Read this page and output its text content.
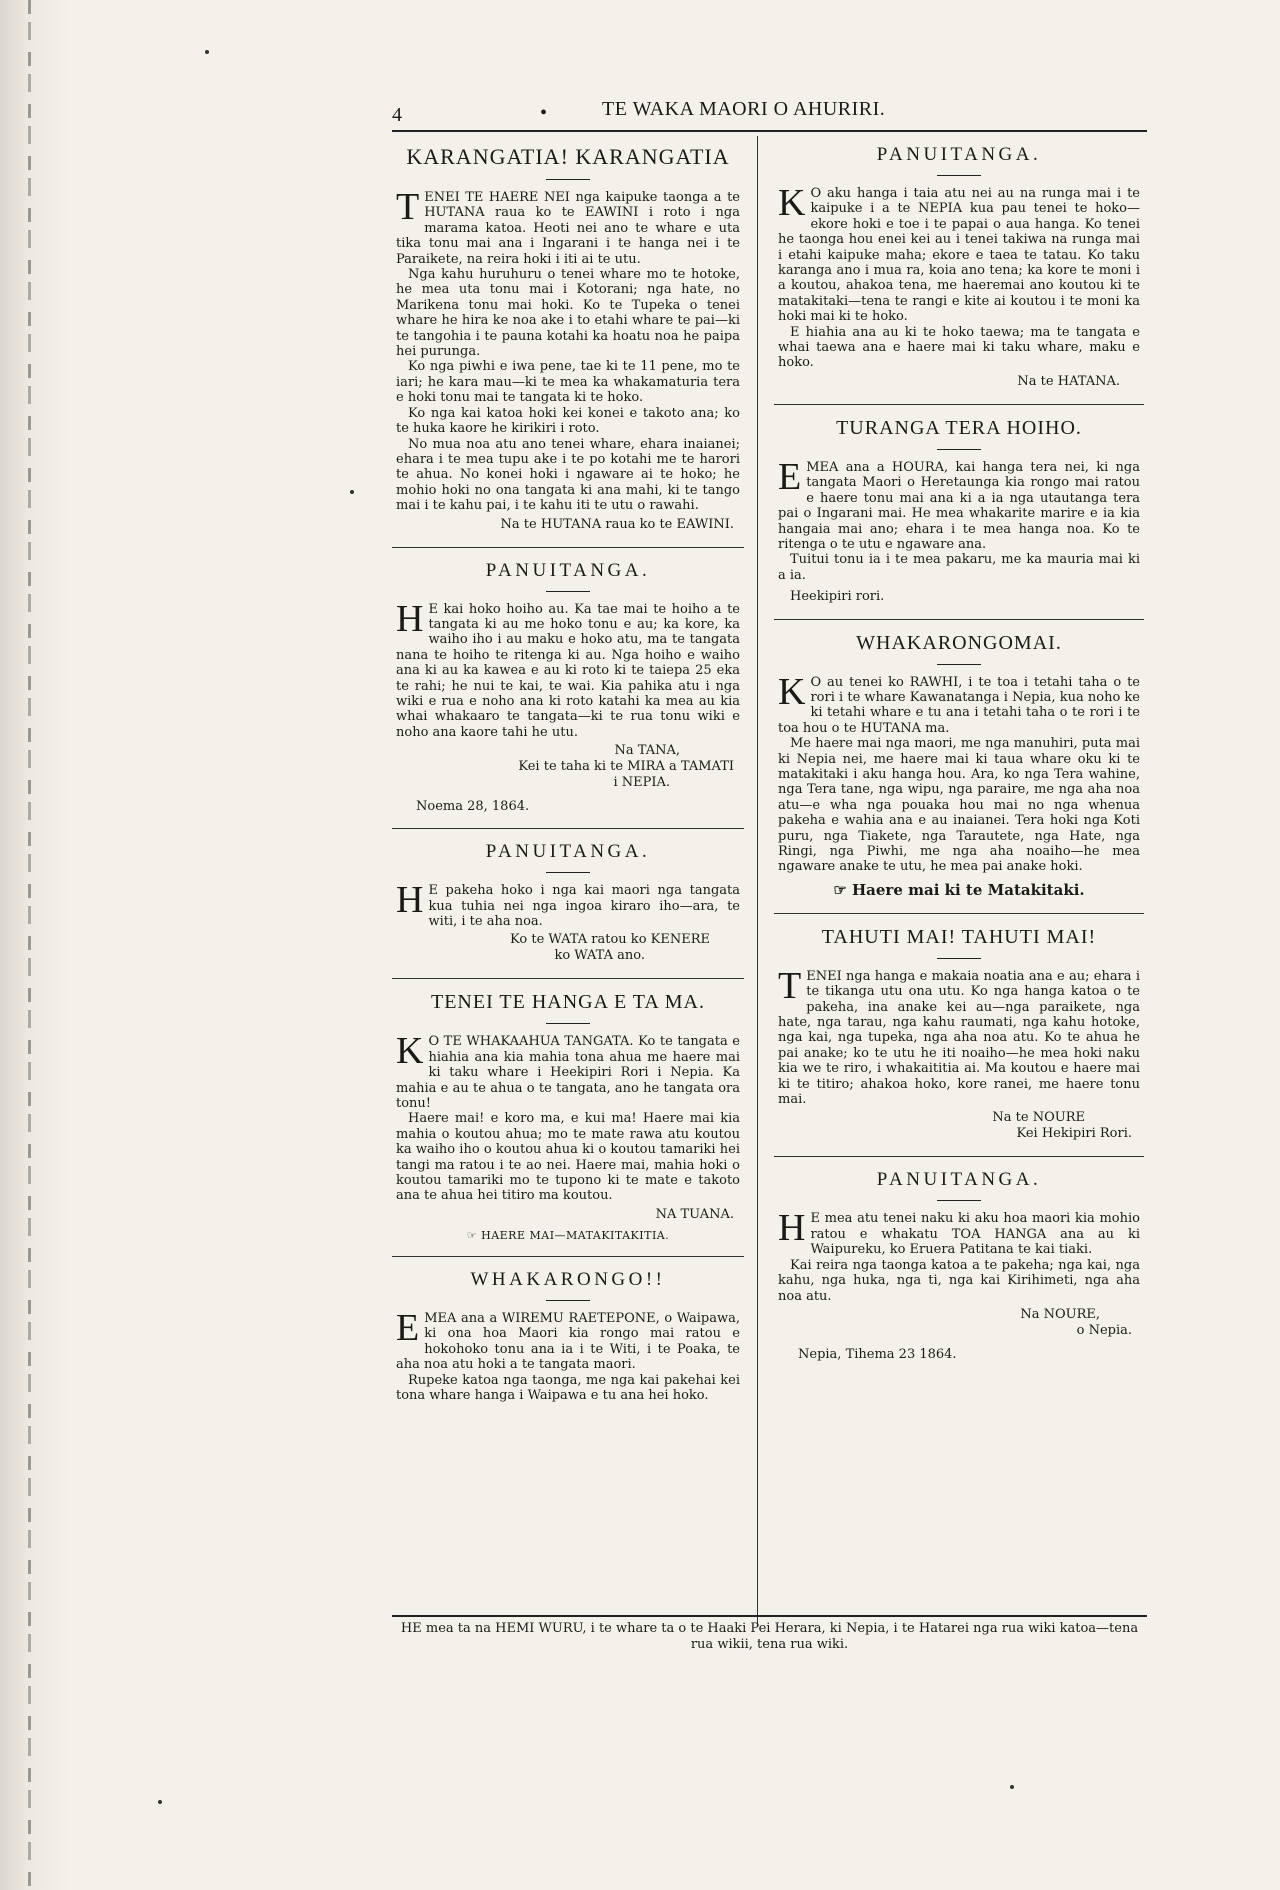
4	•	TE WAKA MAORI O AHURIRI.
KARANGATIA! KARANGATIA

TENEI TE HAERE NEI nga kaipuke taonga a te HUTANA raua ko te EAWINI i roto i nga marama katoa. Heoti nei ano te whare e uta tika tonu mai ana i Ingarani i te hanga nei i te Paraikete, na reira hoki i iti ai te utu.

Nga kahu huruhuru o tenei whare mo te hotoke, he mea uta tonu mai i Kotorani; nga hate, no Marikena tonu mai hoki. Ko te Tupeka o tenei whare he hira ke noa ake i to etahi whare te pai—ki te tangohia i te pauna kotahi ka hoatu noa he paipa hei purunga.

Ko nga piwhi e iwa pene, tae ki te 11 pene, mo te iari; he kara mau—ki te mea ka whakamaturia tera e hoki tonu mai te tangata ki te hoko.

Ko nga kai katoa hoki kei konei e takoto ana; ko te huka kaore he kirikiri i roto.

No mua noa atu ano tenei whare, ehara inaianei; ehara i te mea tupu ake i te po kotahi me te harori te ahua. No konei hoki i ngaware ai te hoko; he mohio hoki no ona tangata ki ana mahi, ki te tango mai i te kahu pai, i te kahu iti te utu o rawahi.

Na te HUTANA raua ko te EAWINI.
PANUITANGA.

H E kai hoko hoiho au. Ka tae mai te hoiho a te tangata ki au me hoko tonu e au; ka kore, ka waiho iho i au maku e hoko atu, ma te tangata nana te hoiho te ritenga ki au. Nga hoiho e waiho ana ki au ka kawea e au ki roto ki te taiepa 25 eka te rahi; he nui te kai, te wai. Kia pahika atu i nga wiki e rua e noho ana ki roto katahi ka mea au kia whai whakaaro te tangata—ki te rua tonu wiki e noho ana kaore tahi he utu.

Na TANA,
Kei te taha ki te MIRA a TAMATI
i NEPIA.
Noema 28, 1864.
PANUITANGA.

H E pakeha hoko i nga kai maori nga tangata kua tuhia nei nga ingoa kiraro iho—ara, te witi, i te aha noa.

Ko te WATA ratou ko KENERE
ko WATA ano.
TENEI TE HANGA E TA MA.

K O TE WHAKAAHUA TANGATA. Ko te tangata e hiahia ana kia mahia tona ahua me haere mai ki taku whare i Heekipiri Rori i Nepia. Ka mahia e au te ahua o te tangata, ano he tangata ora tonu!

Haere mai! e koro ma, e kui ma! Haere mai kia mahia o koutou ahua; mo te mate rawa atu koutou ka waiho iho o koutou ahua ki o koutou tamariki hei tangi ma ratou i te ao nei. Haere mai, mahia hoki o koutou tamariki mo te tupono ki te mate e takoto ana te ahua hei titiro ma koutou.

NA TUANA.
☞ HAERE MAI—MATAKITAKITIA.
WHAKARONGO!!

EMEA ana a WIREMU RAETEPONE, o Waipawa, ki ona hoa Maori kia rongo mai ratou e hokohoko tonu ana ia i te Witi, i te Poaka, te aha noa atu hoki a te tangata maori.

Rupeke katoa nga taonga, me nga kai pakehai kei tona whare hanga i Waipawa e tu ana hei hoko.

PANUITANGA.

K O aku hanga i taia atu nei au na runga mai i te kaipuke i a te NEPIA kua pau tenei te hoko—ekore hoki e toe i te papai o aua hanga. Ko tenei he taonga hou enei kei au i tenei takiwa na runga mai i etahi kaipuke maha; ekore e taea te tatau. Ko taku karanga ano i mua ra, koia ano tena; ka kore te moni i a koutou, ahakoa tena, me haeremai ano koutou ki te matakitaki—tena te rangi e kite ai koutou i te moni ka hoki mai ki te hoko.

E hiahia ana au ki te hoko taewa; ma te tangata e whai taewa ana e haere mai ki taku whare, maku e hoko.

Na te HATANA.
TURANGA TERA HOIHO.

EMEA ana a HOURA, kai hanga tera nei, ki nga tangata Maori o Heretaunga kia rongo mai ratou e haere tonu mai ana ki a ia nga utautanga tera pai o Ingarani mai. He mea whakarite marire e ia kia hangaia mai ano; ehara i te mea hanga noa. Ko te ritenga o te utu e ngaware ana.

Tuitui tonu ia i te mea pakaru, me ka mauria mai ki a ia.

Heekipiri rori.

WHAKARONGOMAI.

K O au tenei ko RAWHI, i te toa i tetahi taha o te rori i te whare Kawanatanga i Nepia, kua noho ke ki tetahi whare e tu ana i tetahi taha o te rori i te toa hou o te HUTANA ma.

Me haere mai nga maori, me nga manuhiri, puta mai ki Nepia nei, me haere mai ki taua whare oku ki te matakitaki i aku hanga hou. Ara, ko nga Tera wahine, nga Tera tane, nga wipu, nga paraire, me nga aha noa atu—e wha nga pouaka hou mai no nga whenua pakeha e wahia ana e au inaianei. Tera hoki nga Koti puru, nga Tiakete, nga Tarautete, nga Hate, nga Ringi, nga Piwhi, me nga aha noaiho—he mea ngaware anake te utu, he mea pai anake hoki.

☞ Haere mai ki te Matakitaki.
TAHUTI MAI! TAHUTI MAI!

TENEI nga hanga e makaia noatia ana e au; ehara i te tikanga utu ona utu. Ko nga hanga katoa o te pakeha, ina anake kei au—nga paraikete, nga hate, nga tarau, nga kahu raumati, nga kahu hotoke, nga kai, nga tupeka, nga aha noa atu. Ko te ahua he pai anake; ko te utu he iti noaiho—he mea hoki naku kia we te riro, i whakaititia ai. Ma koutou e haere mai ki te titiro; ahakoa hoko, kore ranei, me haere tonu mai.

Na te NOURE
Kei Hekipiri Rori.
PANUITANGA.

H E mea atu tenei naku ki aku hoa maori kia mohio ratou e whakatu TOA HANGA ana au ki Waipureku, ko Eruera Patitana te kai tiaki.

Kai reira nga taonga katoa a te pakeha; nga kai, nga kahu, nga huka, nga ti, nga kai Kirihimeti, nga aha noa atu.

Na NOURE,
o Nepia.
Nepia, Tihema 23 1864.
HE mea ta na HEMI WURU, i te whare ta o te Haaki Pei Herara, ki Nepia, i te Hatarei nga rua wiki katoa—tena rua wikii, tena rua wiki.
